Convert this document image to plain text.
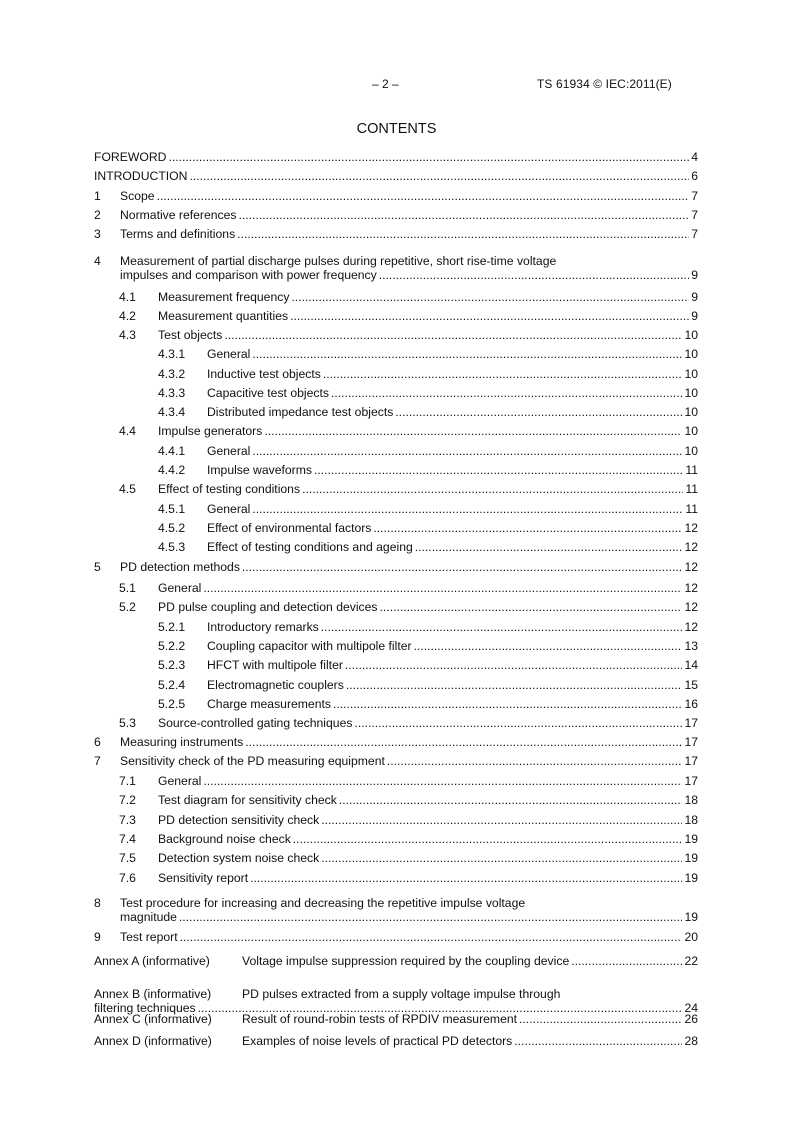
– 2 –	TS 61934 © IEC:2011(E)
CONTENTS
FOREWORD .....	4
INTRODUCTION .....	6
1	Scope .....	7
2	Normative references .....	7
3	Terms and definitions .....	7
4	Measurement of partial discharge pulses during repetitive, short rise-time voltage
impulses and comparison with power frequency .....	9
4.1	Measurement frequency .....	9
4.2	Measurement quantities .....	9
4.3	Test objects .....	10
4.3.1	General .....	10
4.3.2	Inductive test objects .....	10
4.3.3	Capacitive test objects .....	10
4.3.4	Distributed impedance test objects .....	10
4.4	Impulse generators .....	10
4.4.1	General .....	10
4.4.2	Impulse waveforms .....	11
4.5	Effect of testing conditions .....	11
4.5.1	General .....	11
4.5.2	Effect of environmental factors .....	12
4.5.3	Effect of testing conditions and ageing .....	12
5	PD detection methods .....	12
5.1	General .....	12
5.2	PD pulse coupling and detection devices .....	12
5.2.1	Introductory remarks .....	12
5.2.2	Coupling capacitor with multipole filter .....	13
5.2.3	HFCT with multipole filter .....	14
5.2.4	Electromagnetic couplers .....	15
5.2.5	Charge measurements .....	16
5.3	Source-controlled gating techniques .....	17
6	Measuring instruments .....	17
7	Sensitivity check of the PD measuring equipment .....	17
7.1	General .....	17
7.2	Test diagram for sensitivity check .....	18
7.3	PD detection sensitivity check .....	18
7.4	Background noise check .....	19
7.5	Detection system noise check .....	19
7.6	Sensitivity report .....	19
8	Test procedure for increasing and decreasing the repetitive impulse voltage
magnitude .....	19
9	Test report .....	20
Annex A (informative)	Voltage impulse suppression required by the coupling device .....	22
Annex B (informative)	PD pulses extracted from a supply voltage impulse through
filtering techniques .....	24
Annex C (informative)	Result of round-robin tests of RPDIV measurement .....	26
Annex D (informative)	Examples of noise levels of practical PD detectors .....	28
